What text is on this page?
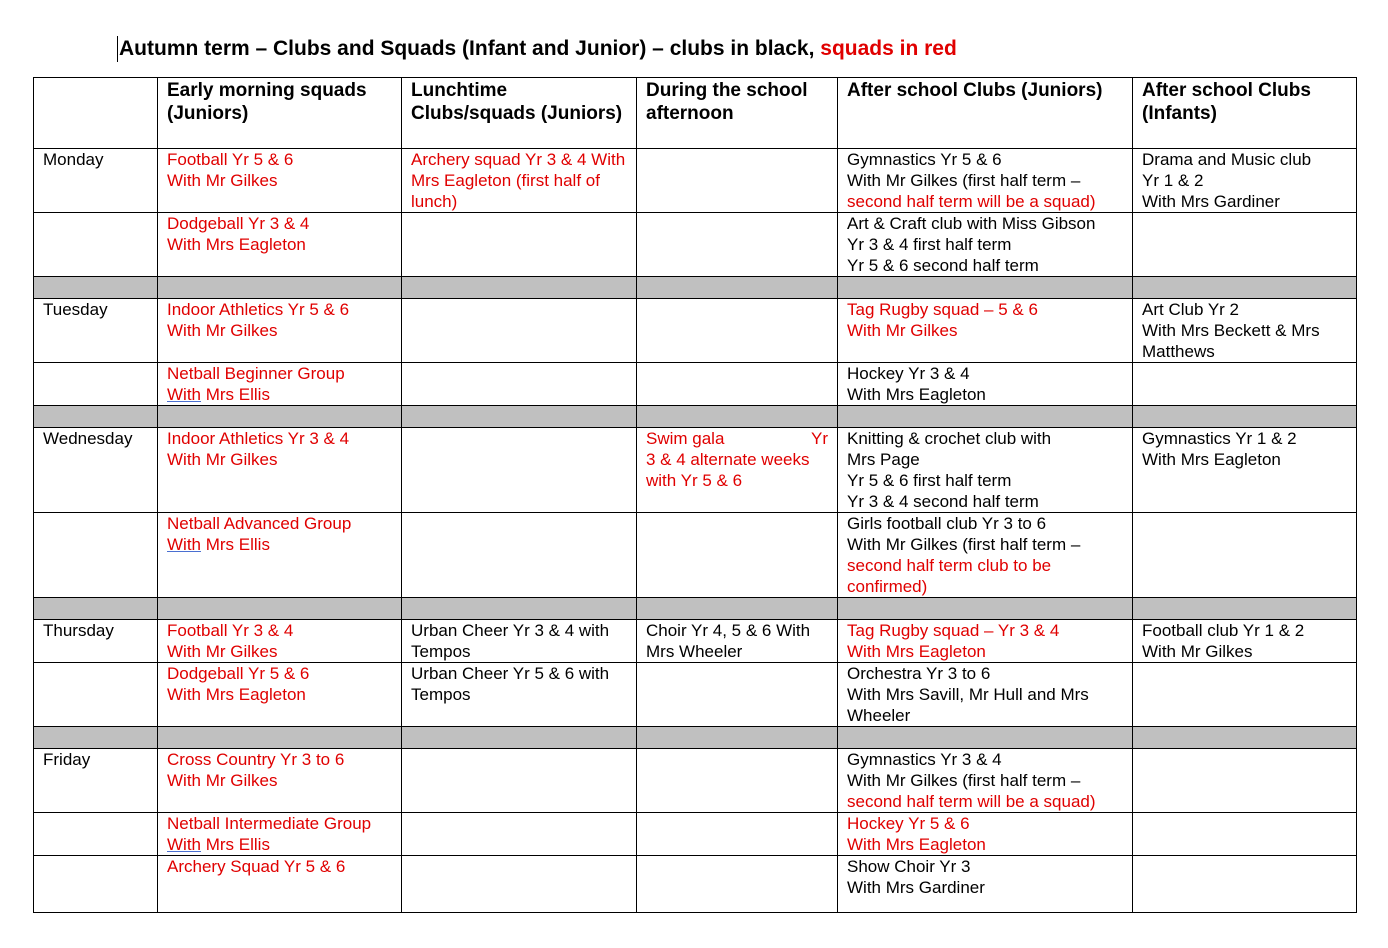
Autumn term – Clubs and Squads (Infant and Junior) – clubs in black, squads in red
	Early morning squads (Juniors)	Lunchtime Clubs/squads (Juniors)	During the school afternoon	After school Clubs (Juniors)	After school Clubs (Infants)
Monday	Football Yr 5 & 6
With Mr Gilkes	Archery squad Yr 3 & 4 With Mrs Eagleton (first half of lunch)		Gymnastics Yr 5 & 6
With Mr Gilkes (first half term –
second half term will be a squad)	Drama and Music club
Yr 1 & 2
With Mrs Gardiner

	Dodgeball Yr 3 & 4
With Mrs Eagleton			Art & Craft club with Miss Gibson
Yr 3 & 4 first half term
Yr 5 & 6 second half term	

Tuesday	Indoor Athletics Yr 5 & 6
With Mr Gilkes			Tag Rugby squad – 5 & 6
With Mr Gilkes	Art Club Yr 2
With Mrs Beckett & Mrs
Matthews

	Netball Beginner Group
With Mrs Ellis			Hockey Yr 3 & 4
With Mrs Eagleton	

Wednesday	Indoor Athletics Yr 3 & 4
With Mr Gilkes		Swim gala Yr
3 & 4 alternate weeks
with Yr 5 & 6	Knitting & crochet club with
Mrs Page
Yr 5 & 6 first half term
Yr 3 & 4 second half term	Gymnastics Yr 1 & 2
With Mrs Eagleton

	Netball Advanced Group
With Mrs Ellis			Girls football club Yr 3 to 6
With Mr Gilkes (first half term –
second half term club to be
confirmed)	

Thursday	Football Yr 3 & 4
With Mr Gilkes	Urban Cheer Yr 3 & 4 with
Tempos	Choir Yr 4, 5 & 6 With
Mrs Wheeler	Tag Rugby squad – Yr 3 & 4
With Mrs Eagleton	Football club Yr 1 & 2
With Mr Gilkes

	Dodgeball Yr 5 & 6
With Mrs Eagleton	Urban Cheer Yr 5 & 6 with
Tempos		Orchestra Yr 3 to 6
With Mrs Savill, Mr Hull and Mrs
Wheeler	

Friday	Cross Country Yr 3 to 6
With Mr Gilkes			Gymnastics Yr 3 & 4
With Mr Gilkes (first half term –
second half term will be a squad)	

	Netball Intermediate Group
With Mrs Ellis			Hockey Yr 5 & 6
With Mrs Eagleton	

	Archery Squad Yr 5 & 6			Show Choir Yr 3
With Mrs Gardiner	
